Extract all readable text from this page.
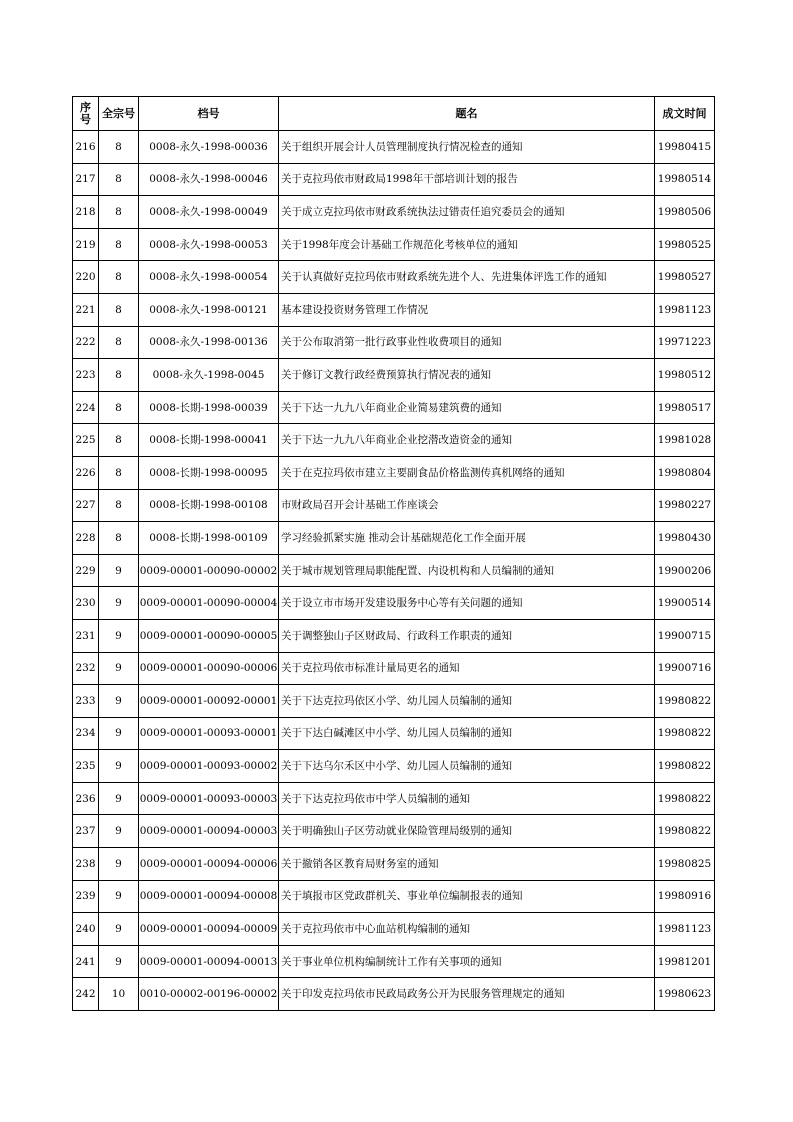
序号	全宗号	档号	题名	成文时间
216	8	0008-永久-1998-00036	关于组织开展会计人员管理制度执行情况检查的通知	19980415
217	8	0008-永久-1998-00046	关于克拉玛依市财政局1998年干部培训计划的报告	19980514
218	8	0008-永久-1998-00049	关于成立克拉玛依市财政系统执法过错责任追究委员会的通知	19980506
219	8	0008-永久-1998-00053	关于1998年度会计基础工作规范化考核单位的通知	19980525
220	8	0008-永久-1998-00054	关于认真做好克拉玛依市财政系统先进个人、先进集体评选工作的通知	19980527
221	8	0008-永久-1998-00121	基本建设投资财务管理工作情况	19981123
222	8	0008-永久-1998-00136	关于公布取消第一批行政事业性收费项目的通知	19971223
223	8	0008-永久-1998-0045	关于修订文教行政经费预算执行情况表的通知	19980512
224	8	0008-长期-1998-00039	关于下达一九九八年商业企业简易建筑费的通知	19980517
225	8	0008-长期-1998-00041	关于下达一九九八年商业企业挖潜改造资金的通知	19981028
226	8	0008-长期-1998-00095	关于在克拉玛依市建立主要副食品价格监测传真机网络的通知	19980804
227	8	0008-长期-1998-00108	市财政局召开会计基础工作座谈会	19980227
228	8	0008-长期-1998-00109	学习经验抓紧实施 推动会计基础规范化工作全面开展	19980430
229	9	0009-00001-00090-00002	关于城市规划管理局职能配置、内设机构和人员编制的通知	19900206
230	9	0009-00001-00090-00004	关于设立市市场开发建设服务中心等有关问题的通知	19900514
231	9	0009-00001-00090-00005	关于调整独山子区财政局、行政科工作职责的通知	19900715
232	9	0009-00001-00090-00006	关于克拉玛依市标准计量局更名的通知	19900716
233	9	0009-00001-00092-00001	关于下达克拉玛依区小学、幼儿园人员编制的通知	19980822
234	9	0009-00001-00093-00001	关于下达白碱滩区中小学、幼儿园人员编制的通知	19980822
235	9	0009-00001-00093-00002	关于下达乌尔禾区中小学、幼儿园人员编制的通知	19980822
236	9	0009-00001-00093-00003	关于下达克拉玛依市中学人员编制的通知	19980822
237	9	0009-00001-00094-00003	关于明确独山子区劳动就业保险管理局级别的通知	19980822
238	9	0009-00001-00094-00006	关于撤销各区教育局财务室的通知	19980825
239	9	0009-00001-00094-00008	关于填报市区党政群机关、事业单位编制报表的通知	19980916
240	9	0009-00001-00094-00009	关于克拉玛依市中心血站机构编制的通知	19981123
241	9	0009-00001-00094-00013	关于事业单位机构编制统计工作有关事项的通知	19981201
242	10	0010-00002-00196-00002	关于印发克拉玛依市民政局政务公开为民服务管理规定的通知	19980623
